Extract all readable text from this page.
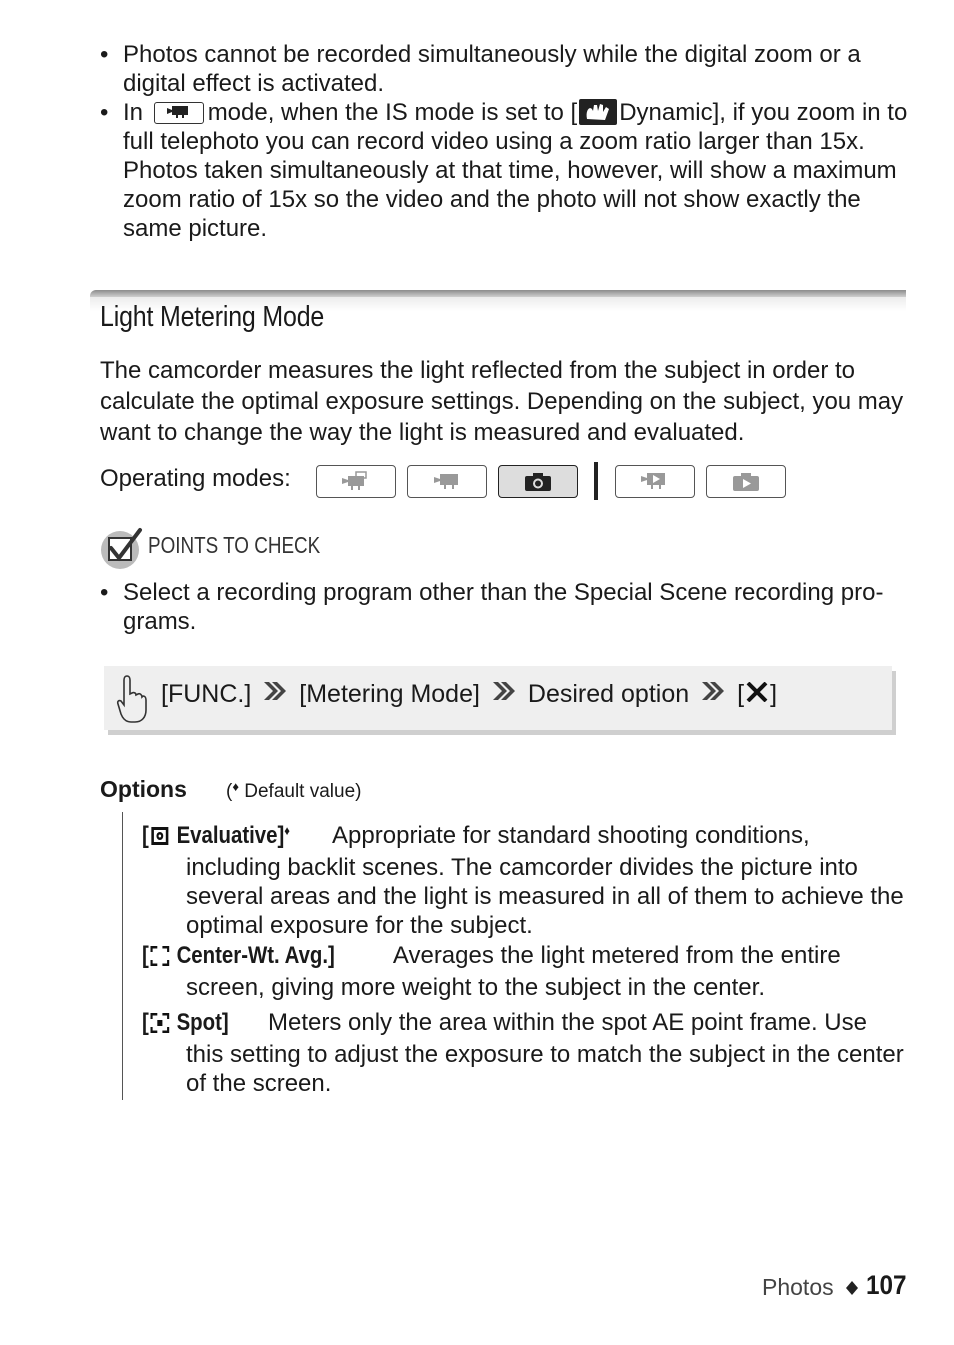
• Photos cannot be recorded simultaneously while the digital zoom or a digital effect is activated.

• In	mode, when the IS mode is set to [ Dynamic], if you zoom in to full telephoto you can record video using a zoom ratio larger than 15x. Photos taken simultaneously at that time, however, will show a maximum zoom ratio of 15x so the video and the photo will not show exactly the same picture.

Light Metering Mode
The camcorder measures the light reflected from the subject in order to calculate the optimal exposure settings. Depending on the subject, you may want to change the way the light is measured and evaluated.
Operating modes:
POINTS TO CHECK

• Select a recording program other than the Special Scene recording pro-grams.

[FUNC.] [Metering Mode] Desired option [ ]
Options (♦ Default value)
[ Evaluative]♦ Appropriate for standard shooting conditions,
including backlit scenes. The camcorder divides the picture into several areas and the light is measured in all of them to achieve the optimal exposure for the subject.
[ Center-Wt. Avg.] Averages the light metered from the entire
screen, giving more weight to the subject in the center.
[ Spot] Meters only the area within the spot AE point frame. Use
this setting to adjust the exposure to match the subject in the center of the screen.
Photos 107
